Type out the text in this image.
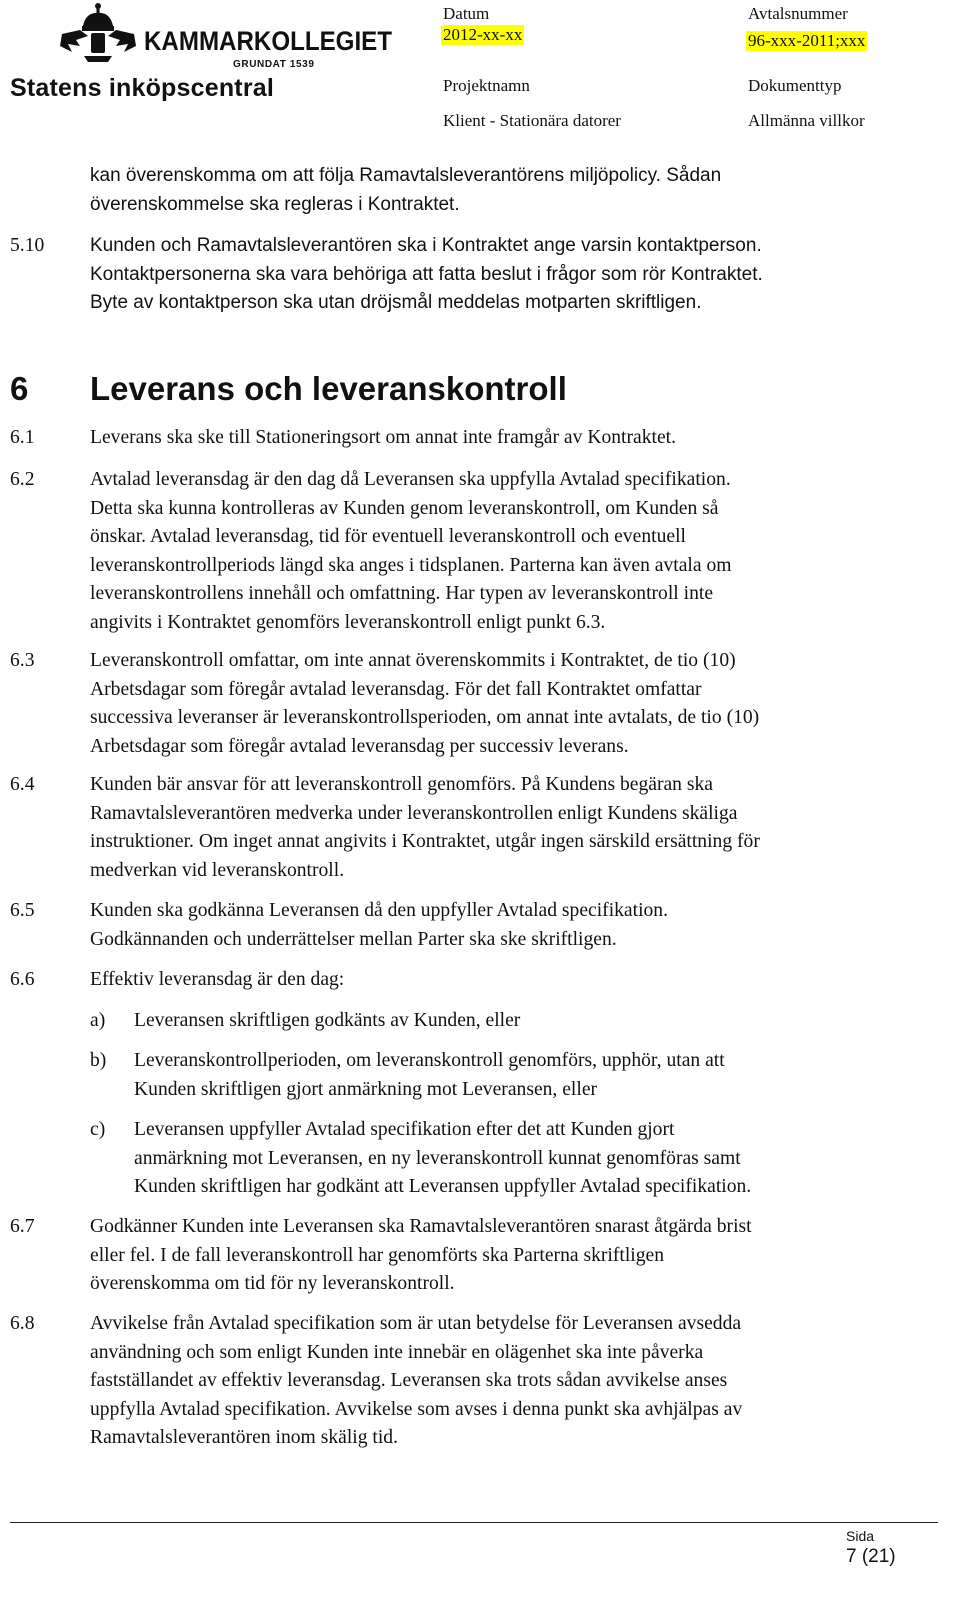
KAMMARKOLLEGIET
GRUNDAT 1539
Statens inköpscentral
Datum
2012-xx-xx
Avtalsnummer
96-xxx-2011;xxx
Projektnamn
Klient - Stationära datorer
Dokumenttyp
Allmänna villkor
kan överenskomma om att följa Ramavtalsleverantörens miljöpolicy. Sådan
överenskommelse ska regleras i Kontraktet.
5.10 Kunden och Ramavtalsleverantören ska i Kontraktet ange varsin kontaktperson.
Kontaktpersonerna ska vara behöriga att fatta beslut i frågor som rör Kontraktet.
Byte av kontaktperson ska utan dröjsmål meddelas motparten skriftligen.
6 Leverans och leveranskontroll
6.1	Leverans ska ske till Stationeringsort om annat inte framgår av Kontraktet.
6.2	Avtalad leveransdag är den dag då Leveransen ska uppfylla Avtalad specifikation.
Detta ska kunna kontrolleras av Kunden genom leveranskontroll, om Kunden så
önskar. Avtalad leveransdag, tid för eventuell leveranskontroll och eventuell
leveranskontrollperiods längd ska anges i tidsplanen. Parterna kan även avtala om
leveranskontrollens innehåll och omfattning. Har typen av leveranskontroll inte
angivits i Kontraktet genomförs leveranskontroll enligt punkt 6.3.
6.3	Leveranskontroll omfattar, om inte annat överenskommits i Kontraktet, de tio (10)
Arbetsdagar som föregår avtalad leveransdag. För det fall Kontraktet omfattar
successiva leveranser är leveranskontrollsperioden, om annat inte avtalats, de tio (10)
Arbetsdagar som föregår avtalad leveransdag per successiv leverans.
6.4	Kunden bär ansvar för att leveranskontroll genomförs. På Kundens begäran ska
Ramavtalsleverantören medverka under leveranskontrollen enligt Kundens skäliga
instruktioner. Om inget annat angivits i Kontraktet, utgår ingen särskild ersättning för
medverkan vid leveranskontroll.
6.5	Kunden ska godkänna Leveransen då den uppfyller Avtalad specifikation.
Godkännanden och underrättelser mellan Parter ska ske skriftligen.
6.6	Effektiv leveransdag är den dag:
a) Leveransen skriftligen godkänts av Kunden, eller
b) Leveranskontrollperioden, om leveranskontroll genomförs, upphör, utan att
Kunden skriftligen gjort anmärkning mot Leveransen, eller
c) Leveransen uppfyller Avtalad specifikation efter det att Kunden gjort
anmärkning mot Leveransen, en ny leveranskontroll kunnat genomföras samt
Kunden skriftligen har godkänt att Leveransen uppfyller Avtalad specifikation.
6.7	Godkänner Kunden inte Leveransen ska Ramavtalsleverantören snarast åtgärda brist
eller fel. I de fall leveranskontroll har genomförts ska Parterna skriftligen
överenskomma om tid för ny leveranskontroll.
6.8	Avvikelse från Avtalad specifikation som är utan betydelse för Leveransen avsedda
användning och som enligt Kunden inte innebär en olägenhet ska inte påverka
fastställandet av effektiv leveransdag. Leveransen ska trots sådan avvikelse anses
uppfylla Avtalad specifikation. Avvikelse som avses i denna punkt ska avhjälpas av
Ramavtalsleverantören inom skälig tid.
Sida
7 (21)
